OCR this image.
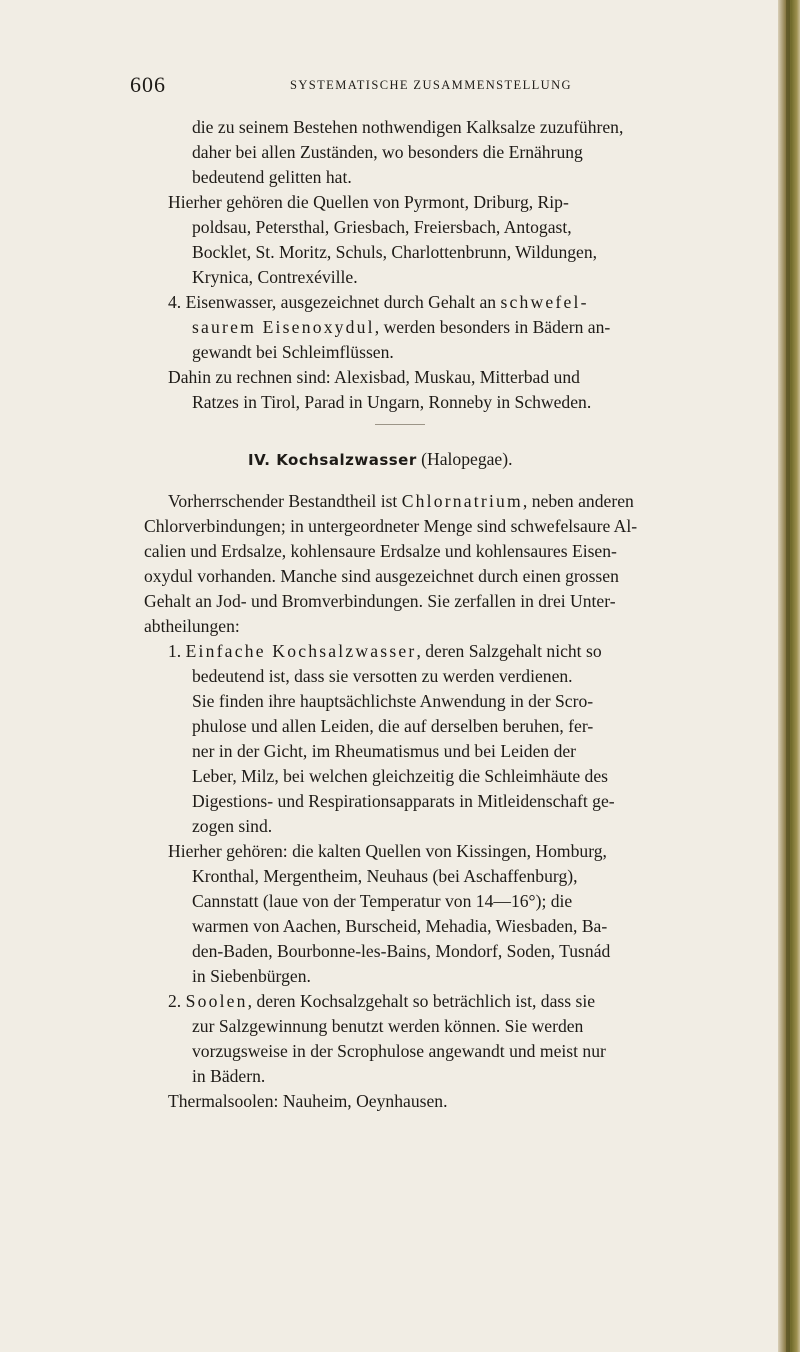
606	SYSTEMATISCHE ZUSAMMENSTELLUNG
die zu seinem Bestehen nothwendigen Kalksalze zuzuführen,
daher bei allen Zuständen, wo besonders die Ernährung
bedeutend gelitten hat.
Hierher gehören die Quellen von Pyrmont, Driburg, Rip-
poldsau, Petersthal, Griesbach, Freiersbach, Antogast,
Bocklet, St. Moritz, Schuls, Charlottenbrunn, Wildungen,
Krynica, Contrexéville.
4. Eisenwasser, ausgezeichnet durch Gehalt an schwefel-
saurem Eisenoxydul, werden besonders in Bädern an-
gewandt bei Schleimflüssen.
Dahin zu rechnen sind: Alexisbad, Muskau, Mitterbad und
Ratzes in Tirol, Parad in Ungarn, Ronneby in Schweden.
IV. Kochsalzwasser (Halopegae).
Vorherrschender Bestandtheil ist Chlornatrium, neben anderen
Chlorverbindungen; in untergeordneter Menge sind schwefelsaure Al-
calien und Erdsalze, kohlensaure Erdsalze und kohlensaures Eisen-
oxydul vorhanden. Manche sind ausgezeichnet durch einen grossen
Gehalt an Jod- und Bromverbindungen. Sie zerfallen in drei Unter-
abtheilungen:
1. Einfache Kochsalzwasser, deren Salzgehalt nicht so
bedeutend ist, dass sie versotten zu werden verdienen.
Sie finden ihre hauptsächlichste Anwendung in der Scro-
phulose und allen Leiden, die auf derselben beruhen, fer-
ner in der Gicht, im Rheumatismus und bei Leiden der
Leber, Milz, bei welchen gleichzeitig die Schleimhäute des
Digestions- und Respirationsapparats in Mitleidenschaft ge-
zogen sind.
Hierher gehören: die kalten Quellen von Kissingen, Homburg,
Kronthal, Mergentheim, Neuhaus (bei Aschaffenburg),
Cannstatt (laue von der Temperatur von 14—16°); die
warmen von Aachen, Burscheid, Mehadia, Wiesbaden, Ba-
den-Baden, Bourbonne-les-Bains, Mondorf, Soden, Tusnád
in Siebenbürgen.
2. Soolen, deren Kochsalzgehalt so beträchlich ist, dass sie
zur Salzgewinnung benutzt werden können. Sie werden
vorzugsweise in der Scrophulose angewandt und meist nur
in Bädern.
Thermalsoolen: Nauheim, Oeynhausen.
